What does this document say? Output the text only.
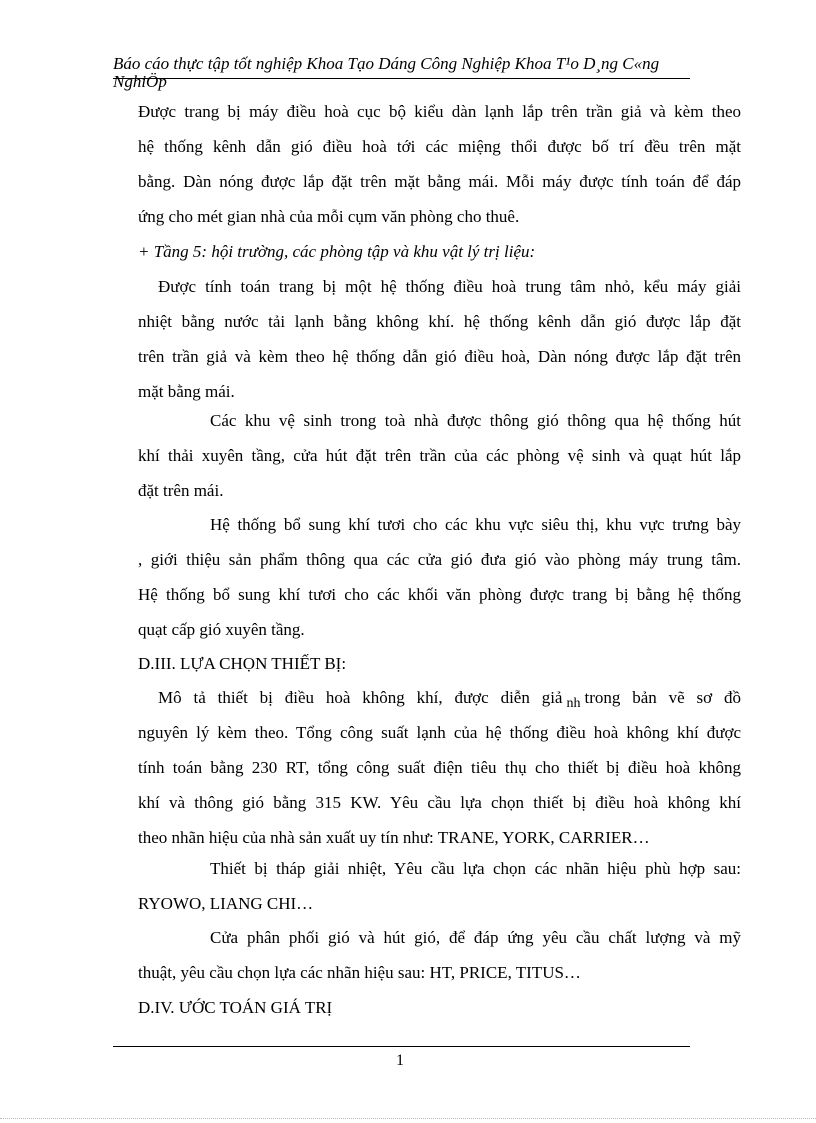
Báo cáo thực tập tốt nghiệp Khoa Tạo Dáng Công Nghiệp Khoa T¹o D¸ng C«ng
NghiÖp
Được trang bị máy điều hoà cục bộ kiểu dàn lạnh lắp trên trần giả và kèm theo
hệ thống kênh dẫn gió điều hoà tới các miệng thổi được bố trí đều trên mặt
bằng. Dàn nóng được lắp đặt trên mặt bằng mái. Mỗi máy được tính toán để đáp
ứng cho mét gian nhà của mỗi cụm văn phòng cho thuê.
+ Tầng 5: hội trường, các phòng tập và khu vật lý trị liệu:
Được tính toán trang bị một hệ thống điều hoà trung tâm nhỏ, kểu máy giải
nhiệt bằng nước tải lạnh bằng không khí. hệ thống kênh dẫn gió được lắp đặt
trên trần giả và kèm theo hệ thống dẫn gió điều hoà, Dàn nóng được lắp đặt trên
mặt bằng mái.
Các khu vệ sinh trong toà nhà được thông gió thông qua hệ thống hút
khí thải xuyên tầng, cửa hút đặt trên trần của các phòng vệ sinh và quạt hút lắp
đặt trên mái.
Hệ thống bổ sung khí tươi cho các khu vực siêu thị, khu vực trưng bày
, giới thiệu sản phẩm thông qua các cửa gió đưa gió vào phòng máy trung tâm.
Hệ thống bổ sung khí tươi cho các khối văn phòng được trang bị bằng hệ thống
quạt cấp gió xuyên tầng.
D.III. LỰA CHỌN THIẾT BỊ:
Mô tả thiết bị điều hoà không khí, được diễn giả $_{nh}$ trong bản vẽ sơ đồ
nguyên lý kèm theo. Tổng công suất lạnh của hệ thống điều hoà không khí được
tính toán bằng 230 RT, tổng công suất điện tiêu thụ cho thiết bị điều hoà không
khí và thông gió bằng 315 KW. Yêu cầu lựa chọn thiết bị điều hoà không khí
theo nhãn hiệu của nhà sản xuất uy tín như: TRANE, YORK, CARRIER…
Thiết bị tháp giải nhiệt, Yêu cầu lựa chọn các nhãn hiệu phù hợp sau:
RYOWO, LIANG CHI…
Cửa phân phối gió và hút gió, để đáp ứng yêu cầu chất lượng và mỹ
thuật, yêu cầu chọn lựa các nhãn hiệu sau: HT, PRICE, TITUS…
D.IV. ƯỚC TOÁN GIÁ TRỊ
1
